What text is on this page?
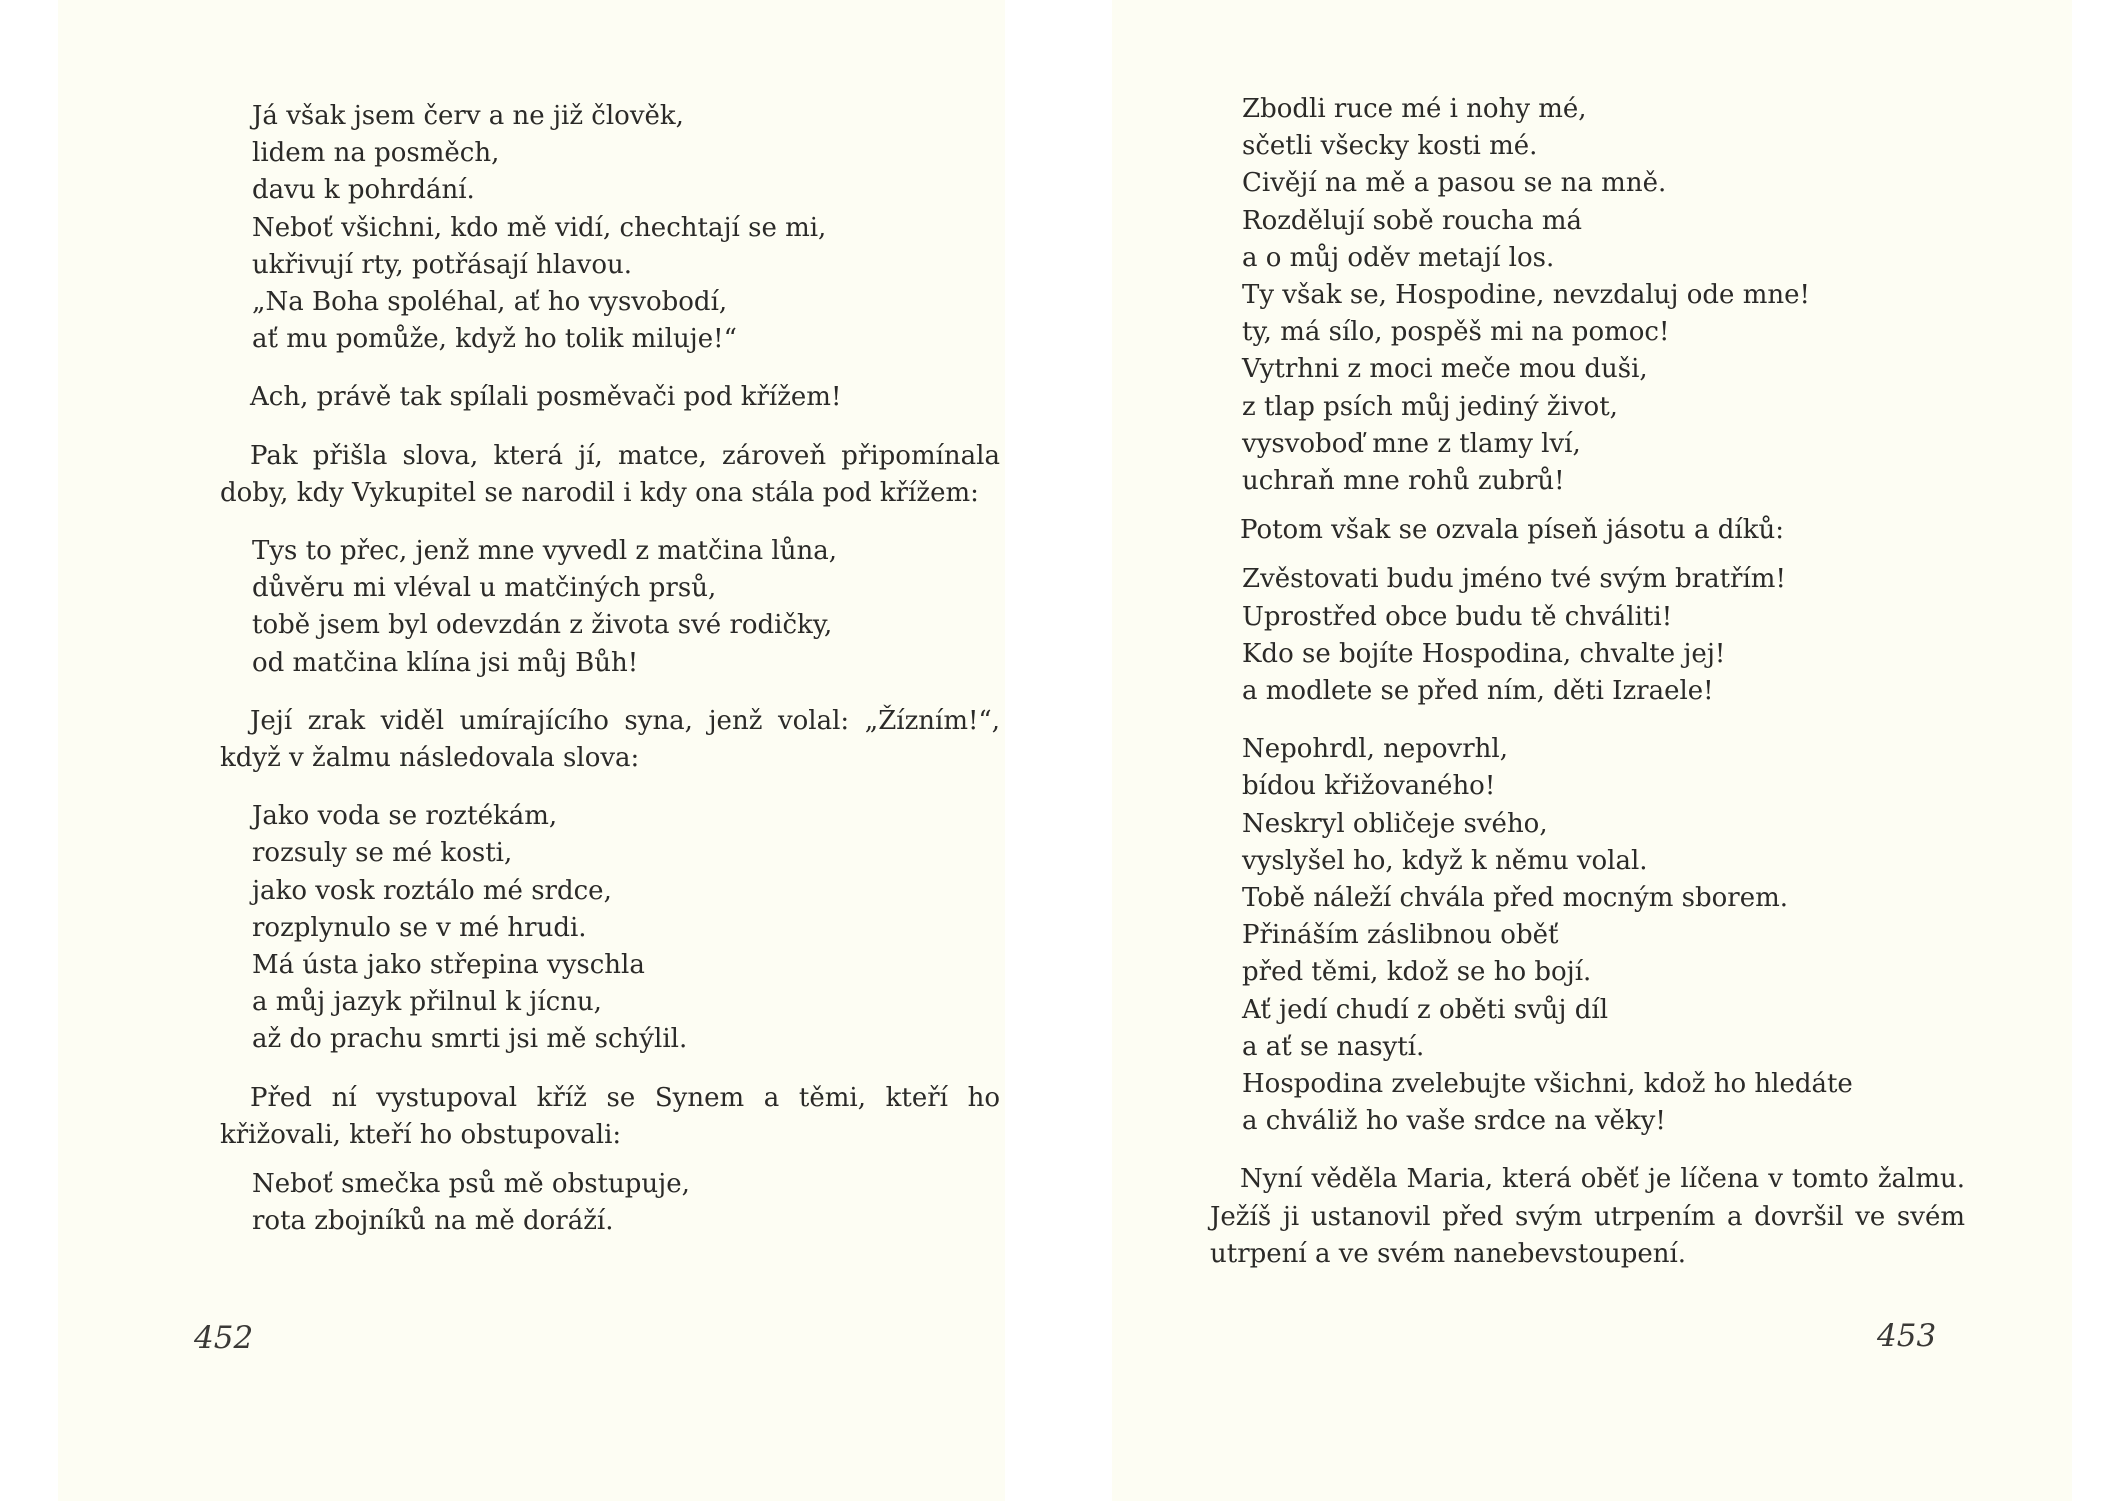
Já však jsem červ a ne již člověk,
lidem na posměch,
davu k pohrdání.
Neboť všichni, kdo mě vidí, chechtají se mi,
ukřivují rty, potřásají hlavou.
„Na Boha spoléhal, ať ho vysvobodí,
ať mu pomůže, když ho tolik miluje!“

Ach, právě tak spílali posměvači pod křížem!

Pak přišla slova, která jí, matce, zároveň připomínala doby, kdy Vykupitel se narodil i kdy ona stála pod křížem:

Tys to přec, jenž mne vyvedl z matčina lůna,
důvěru mi vléval u matčiných prsů,
tobě jsem byl odevzdán z života své rodičky,
od matčina klína jsi můj Bůh!

Její zrak viděl umírajícího syna, jenž volal: „Žízním!“, když v žalmu následovala slova:

Jako voda se roztékám,
rozsuly se mé kosti,
jako vosk roztálo mé srdce,
rozplynulo se v mé hrudi.
Má ústa jako střepina vyschla
a můj jazyk přilnul k jícnu,
až do prachu smrti jsi mě schýlil.

Před ní vystupoval kříž se Synem a těmi, kteří ho křižovali, kteří ho obstupovali:

Neboť smečka psů mě obstupuje,
rota zbojníků na mě doráží.
452
Zbodli ruce mé i nohy mé,
sčetli všecky kosti mé.
Civějí na mě a pasou se na mně.
Rozdělují sobě roucha má
a o můj oděv metají los.
Ty však se, Hospodine, nevzdaluj ode mne!
ty, má sílo, pospěš mi na pomoc!
Vytrhni z moci meče mou duši,
z tlap psích můj jediný život,
vysvoboď mne z tlamy lví,
uchraň mne rohů zubrů!

Potom však se ozvala píseň jásotu a díků:

Zvěstovati budu jméno tvé svým bratřím!
Uprostřed obce budu tě chváliti!
Kdo se bojíte Hospodina, chvalte jej!
a modlete se před ním, děti Izraele!
Nepohrdl, nepovrhl,
bídou křižovaného!
Neskryl obličeje svého,
vyslyšel ho, když k němu volal.
Tobě náleží chvála před mocným sborem.
Přináším záslibnou oběť
před těmi, kdož se ho bojí.
Ať jedí chudí z oběti svůj díl
a ať se nasytí.
Hospodina zvelebujte všichni, kdož ho hledáte
a chváliž ho vaše srdce na věky!

Nyní věděla Maria, která oběť je líčena v tomto žalmu. Ježíš ji ustanovil před svým utrpením a dovršil ve svém utrpení a ve svém nanebevstoupení.

453
